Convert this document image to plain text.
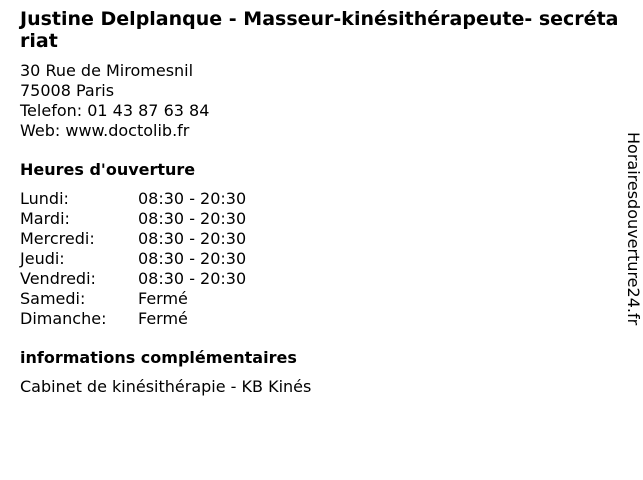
Justine Delplanque - Masseur-kinésithérapeute- secrétariat
30 Rue de Miromesnil
75008 Paris
Telefon: 01 43 87 63 84
Web: www.doctolib.fr
Heures d'ouverture
Lundi:	08:30 - 20:30
Mardi:	08:30 - 20:30
Mercredi:	08:30 - 20:30
Jeudi:	08:30 - 20:30
Vendredi:	08:30 - 20:30
Samedi:	Fermé
Dimanche:	Fermé
informations complémentaires
Cabinet de kinésithérapie - KB Kinés
Horairesdouverture24.fr
